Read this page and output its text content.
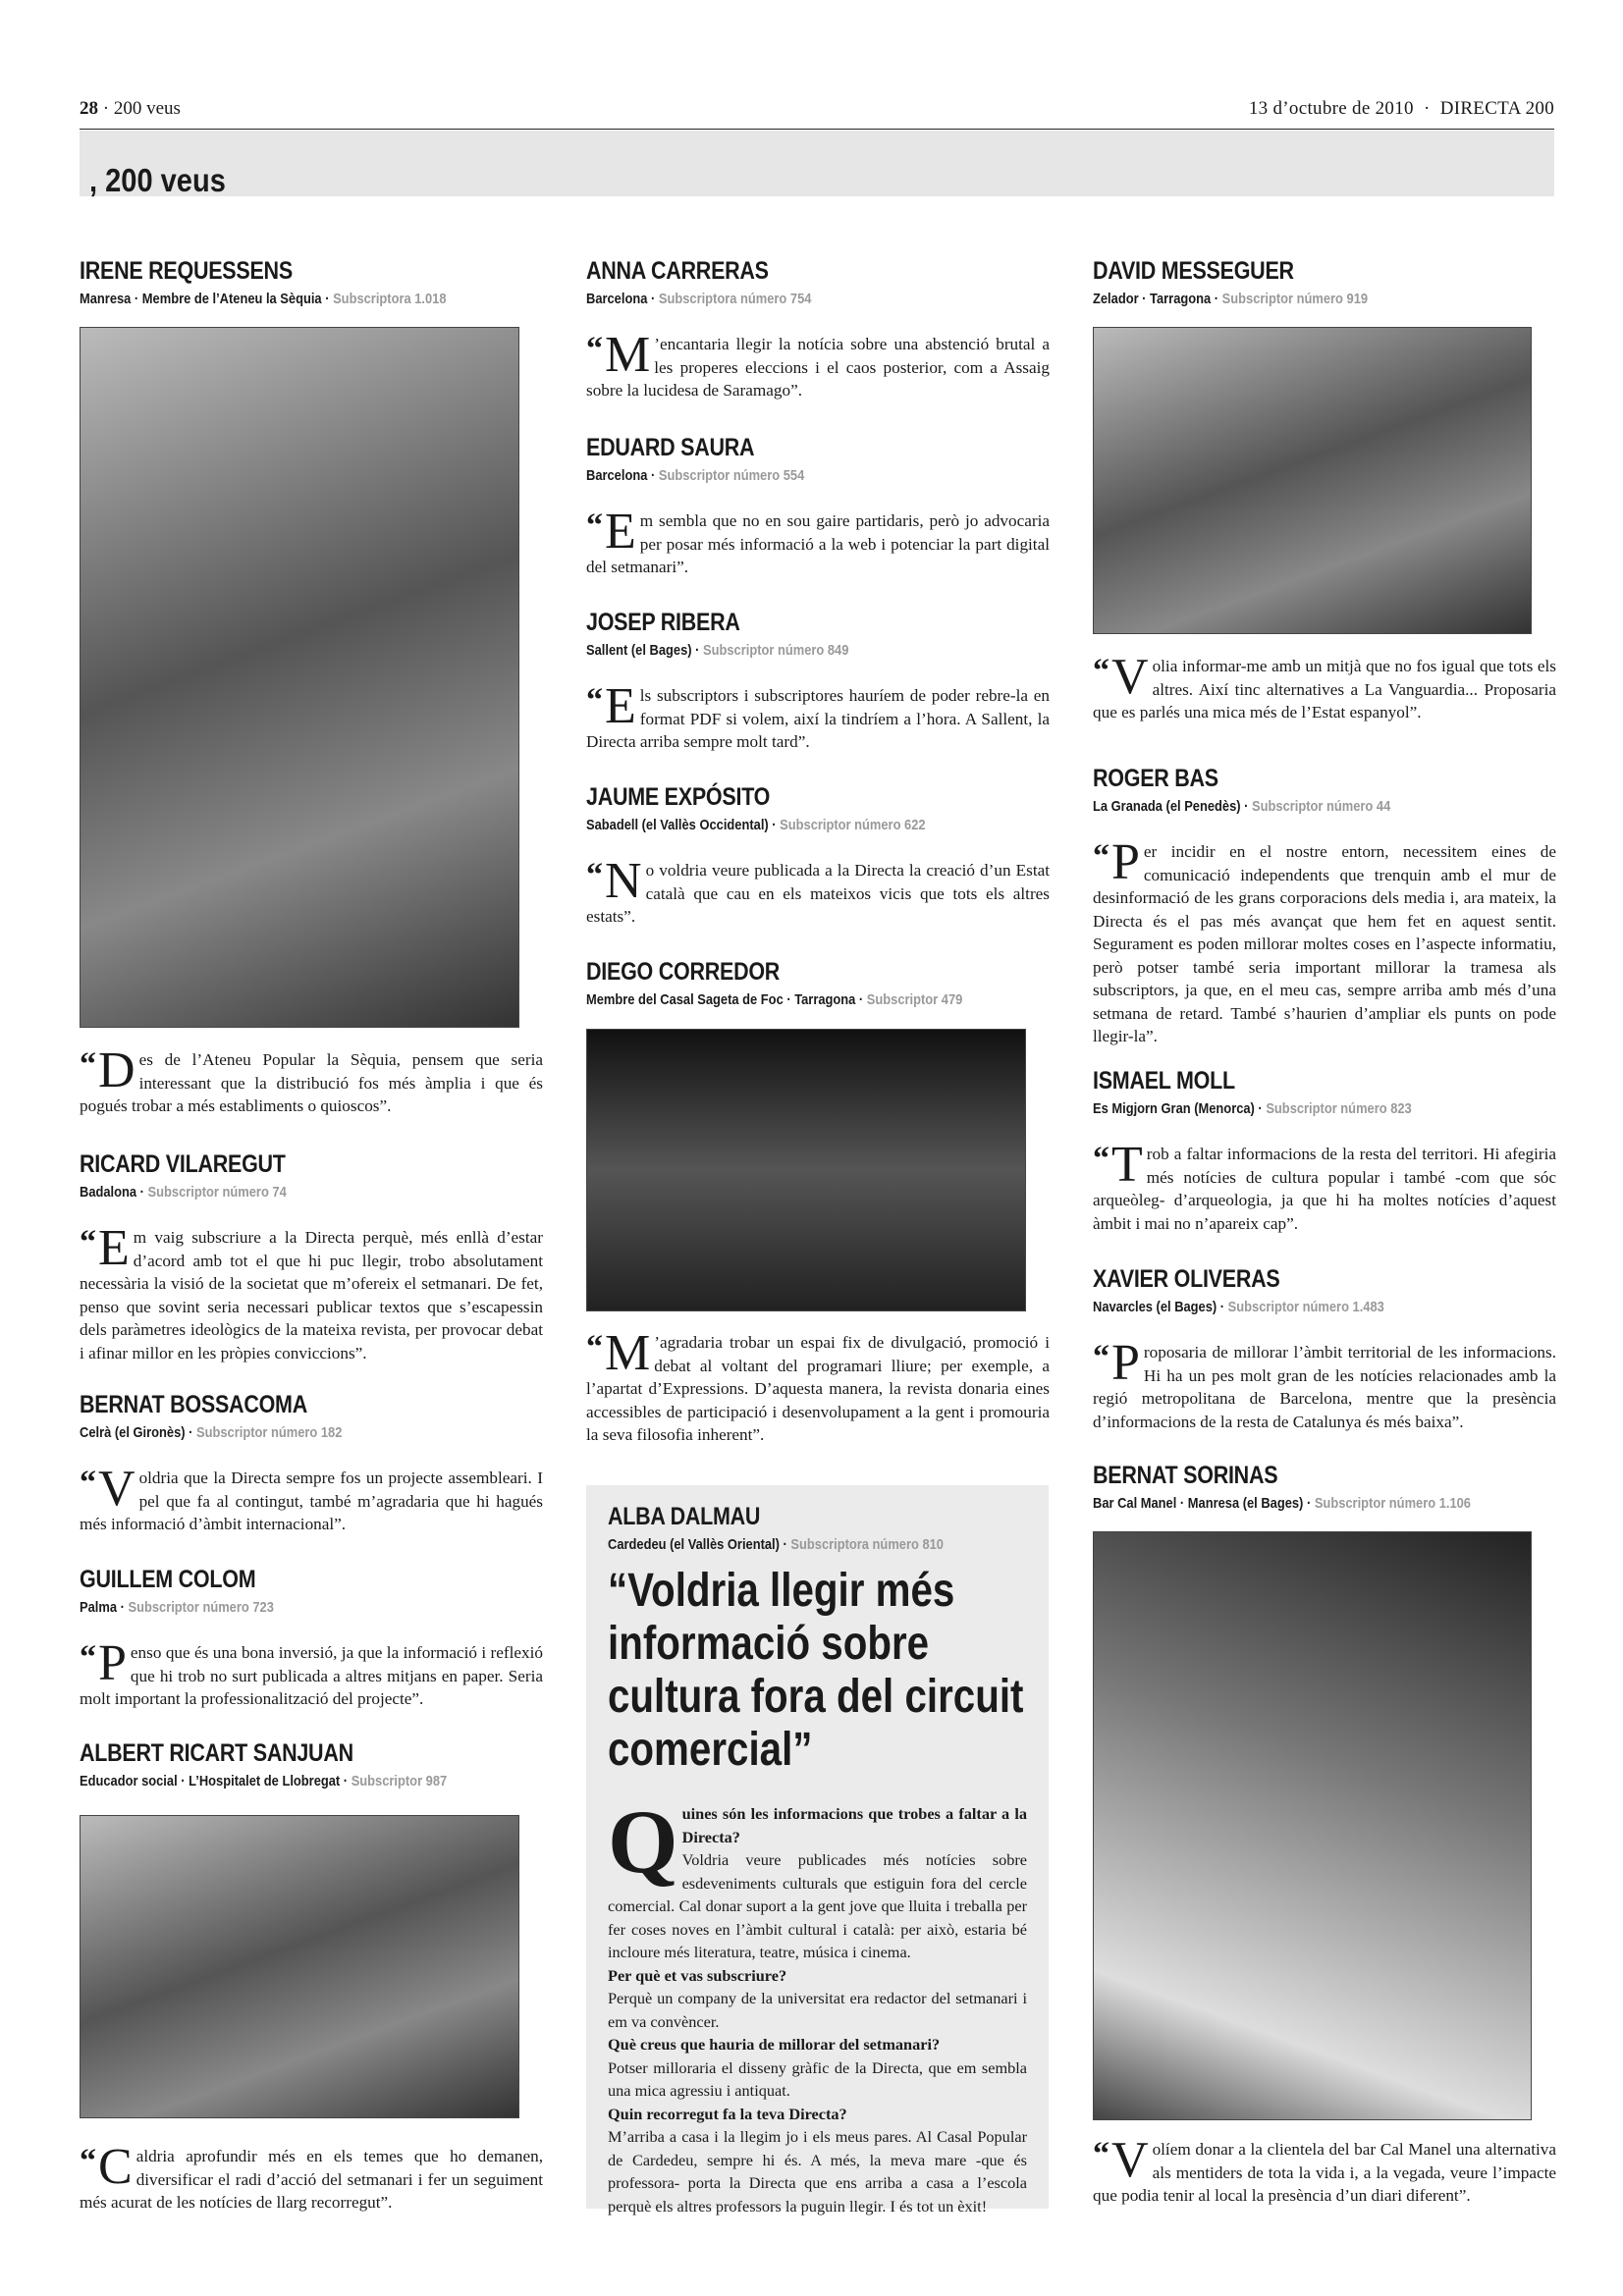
28 · 200 veus	13 d’octubre de 2010 · DIRECTA 200
, 200 veus
“ D es de l’Ateneu Popular la Sèquia, pensem que seria interessant que la distribució fos més àmplia i que és pogués trobar a més establiments o quioscos”.
IRENE REQUESSENS
Manresa · Membre de l’Ateneu la Sèquia · Subscriptora 1.018
RICARD VILAREGUT
Badalona · Subscriptor número 74
“ E m vaig subscriure a la Directa perquè, més enllà d’estar d’acord amb tot el que hi puc llegir, trobo absolutament necessària la visió de la societat que m’ofereix el setmanari. De fet, penso que sovint seria necessari publicar textos que s’escapessin dels paràmetres ideològics de la mateixa revista, per provocar debat i afinar millor en les pròpies conviccions”.
BERNAT BOSSACOMA
Celrà (el Gironès) · Subscriptor número 182
“ V oldria que la Directa sempre fos un projecte assembleari. I pel que fa al contingut, també m’agradaria que hi hagués més informació d’àmbit internacional”.
GUILLEM COLOM
Palma · Subscriptor número 723
“ P enso que és una bona inversió, ja que la informació i reflexió que hi trob no surt publicada a altres mitjans en paper. Seria molt important la professionalització del projecte”.
“ C aldria aprofundir més en els temes que ho demanen, diversificar el radi d’acció del setmanari i fer un seguiment més acurat de les notícies de llarg recorregut”.
ALBERT RICART SANJUAN
Educador social · L’Hospitalet de Llobregat · Subscriptor 987
ANNA CARRERAS
Barcelona · Subscriptora número 754
“ M ’encantaria llegir la notícia sobre una abstenció brutal a les properes eleccions i el caos posterior, com a Assaig sobre la lucidesa de Saramago”.
EDUARD SAURA
Barcelona · Subscriptor número 554
“ E m sembla que no en sou gaire partidaris, però jo advocaria per posar més informació a la web i potenciar la part digital del setmanari”.
JOSEP RIBERA
Sallent (el Bages) · Subscriptor número 849
“ E ls subscriptors i subscriptores hauríem de poder rebre-la en format PDF si volem, així la tindríem a l’hora. A Sallent, la Directa arriba sempre molt tard”.
JAUME EXPÓSITO
Sabadell (el Vallès Occidental) · Subscriptor número 622
“ N o voldria veure publicada a la Directa la creació d’un Estat català que cau en els mateixos vicis que tots els altres estats”.
“ M ’agradaria trobar un espai fix de divulgació, promoció i debat al voltant del programari lliure; per exemple, a l’apartat d’Expressions. D’aquesta manera, la revista donaria eines accessibles de participació i desenvolupament a la gent i promouria la seva filosofia inherent”.
DIEGO CORREDOR
Membre del Casal Sageta de Foc · Tarragona · Subscriptor 479
“ V olia informar-me amb un mitjà que no fos igual que tots els altres. Així tinc alternatives a La Vanguardia... Proposaria que es parlés una mica més de l’Estat espanyol”.
DAVID MESSEGUER
Zelador · Tarragona · Subscriptor número 919
ROGER BAS
La Granada (el Penedès) · Subscriptor número 44
“ P er incidir en el nostre entorn, necessitem eines de comunicació independents que trenquin amb el mur de desinformació de les grans corporacions dels media i, ara mateix, la Directa és el pas més avançat que hem fet en aquest sentit. Segurament es poden millorar moltes coses en l’aspecte informatiu, però potser també seria important millorar la tramesa als subscriptors, ja que, en el meu cas, sempre arriba amb més d’una setmana de retard. També s’haurien d’ampliar els punts on pode llegir-la”.
ISMAEL MOLL
Es Migjorn Gran (Menorca) · Subscriptor número 823
“ T rob a faltar informacions de la resta del territori. Hi afegiria més notícies de cultura popular i també -com que sóc arqueòleg- d’arqueologia, ja que hi ha moltes notícies d’aquest àmbit i mai no n’apareix cap”.
XAVIER OLIVERAS
Navarcles (el Bages) · Subscriptor número 1.483
“ P roposaria de millorar l’àmbit territorial de les informacions. Hi ha un pes molt gran de les notícies relacionades amb la regió metropolitana de Barcelona, mentre que la presència d’informacions de la resta de Catalunya és més baixa”.
“ V olíem donar a la clientela del bar Cal Manel una alternativa als mentiders de tota la vida i, a la vegada, veure l’impacte que podia tenir al local la presència d’un diari diferent”.
BERNAT SORINAS
Bar Cal Manel · Manresa (el Bages) · Subscriptor número 1.106
ALBA DALMAU
Cardedeu (el Vallès Oriental) · Subscriptora número 810
“Voldria llegir més informació sobre cultura fora del circuit comercial”
Q uines són les informacions que trobes a faltar a la Directa?
Voldria veure publicades més notícies sobre esdeveniments culturals que estiguin fora del cercle comercial. Cal donar suport a la gent jove que lluita i treballa per fer coses noves en l’àmbit cultural i català: per això, estaria bé incloure més literatura, teatre, música i cinema.

Per què et vas subscriure?
Perquè un company de la universitat era redactor del setmanari i em va convèncer.

Què creus que hauria de millorar del setmanari?
Potser milloraria el disseny gràfic de la Directa, que em sembla una mica agressiu i antiquat.

Quin recorregut fa la teva Directa?
M’arriba a casa i la llegim jo i els meus pares. Al Casal Popular de Cardedeu, sempre hi és. A més, la meva mare -que és professora- porta la Directa que ens arriba a casa a l’escola perquè els altres professors la puguin llegir. I és tot un èxit!
